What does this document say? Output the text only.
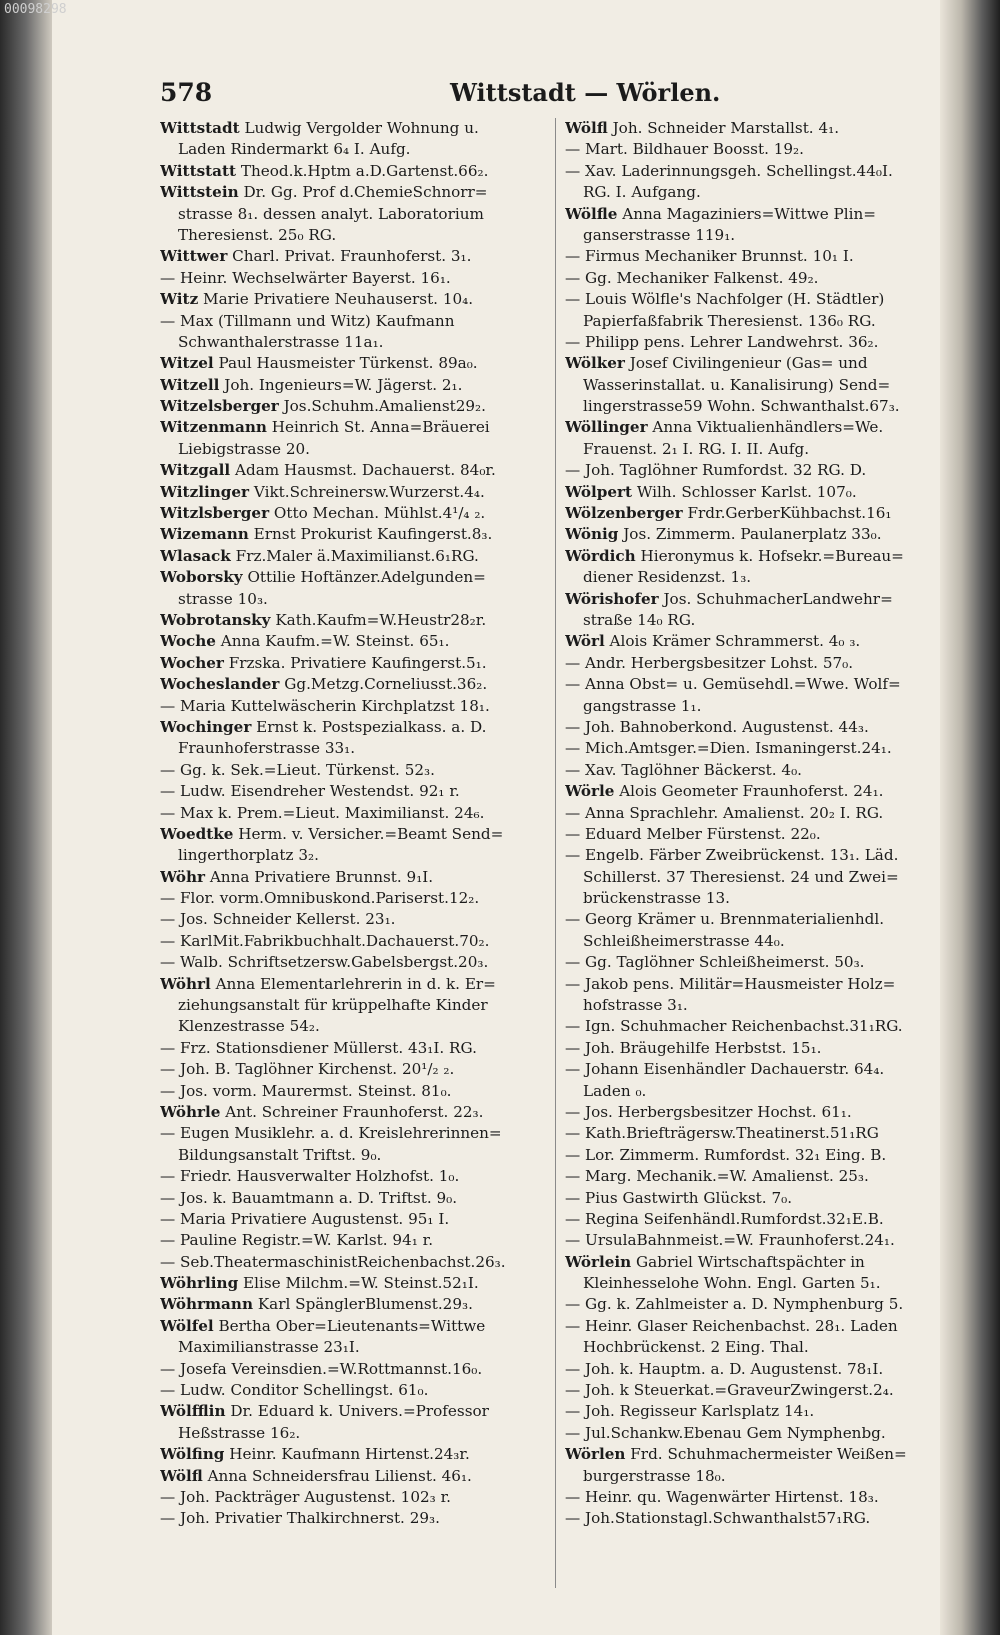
00098298
578	Wittstadt — Wörlen.
Wittstadt Ludwig Vergolder Wohnung u.
Laden Rindermarkt 6₄ I. Aufg.
Wittstatt Theod.k.Hptm a.D.Gartenst.66₂.
Wittstein Dr. Gg. Prof d.ChemieSchnorr=
strasse 8₁. dessen analyt. Laboratorium
Theresienst. 25₀ RG.
Wittwer Charl. Privat. Fraunhoferst. 3₁.
— Heinr. Wechselwärter Bayerst. 16₁.
Witz Marie Privatiere Neuhauserst. 10₄.
— Max (Tillmann und Witz) Kaufmann
Schwanthalerstrasse 11a₁.
Witzel Paul Hausmeister Türkenst. 89a₀.
Witzell Joh. Ingenieurs=W. Jägerst. 2₁.
Witzelsberger Jos.Schuhm.Amalienst29₂.
Witzenmann Heinrich St. Anna=Bräuerei
Liebigstrasse 20.
Witzgall Adam Hausmst. Dachauerst. 84₀r.
Witzlinger Vikt.Schreinersw.Wurzerst.4₄.
Witzlsberger Otto Mechan. Mühlst.4¹/₄ ₂.
Wizemann Ernst Prokurist Kaufingerst.8₃.
Wlasack Frz.Maler ä.Maximilianst.6₁RG.
Woborsky Ottilie Hoftänzer.Adelgunden=
strasse 10₃.
Wobrotansky Kath.Kaufm=W.Heustr28₂r.
Woche Anna Kaufm.=W. Steinst. 65₁.
Wocher Frzska. Privatiere Kaufingerst.5₁.
Wocheslander Gg.Metzg.Corneliusst.36₂.
— Maria Kuttelwäscherin Kirchplatzst 18₁.
Wochinger Ernst k. Postspezialkass. a. D.
Fraunhoferstrasse 33₁.
— Gg. k. Sek.=Lieut. Türkenst. 52₃.
— Ludw. Eisendreher Westendst. 92₁ r.
— Max k. Prem.=Lieut. Maximilianst. 24₆.
Woedtke Herm. v. Versicher.=Beamt Send=
lingerthorplatz 3₂.
Wöhr Anna Privatiere Brunnst. 9₁I.
— Flor. vorm.Omnibuskond.Pariserst.12₂.
— Jos. Schneider Kellerst. 23₁.
— KarlMit.Fabrikbuchhalt.Dachauerst.70₂.
— Walb. Schriftsetzersw.Gabelsbergst.20₃.
Wöhrl Anna Elementarlehrerin in d. k. Er=
ziehungsanstalt für krüppelhafte Kinder
Klenzestrasse 54₂.
— Frz. Stationsdiener Müllerst. 43₁I. RG.
— Joh. B. Taglöhner Kirchenst. 20¹/₂ ₂.
— Jos. vorm. Maurermst. Steinst. 81₀.
Wöhrle Ant. Schreiner Fraunhoferst. 22₃.
— Eugen Musiklehr. a. d. Kreislehrerinnen=
Bildungsanstalt Triftst. 9₀.
— Friedr. Hausverwalter Holzhofst. 1₀.
— Jos. k. Bauamtmann a. D. Triftst. 9₀.
— Maria Privatiere Augustenst. 95₁ I.
— Pauline Registr.=W. Karlst. 94₁ r.
— Seb.TheatermaschinistReichenbachst.26₃.
Wöhrling Elise Milchm.=W. Steinst.52₁I.
Wöhrmann Karl SpänglerBlumenst.29₃.
Wölfel Bertha Ober=Lieutenants=Wittwe
Maximilianstrasse 23₁I.
— Josefa Vereinsdien.=W.Rottmannst.16₀.
— Ludw. Conditor Schellingst. 61₀.
Wölfflin Dr. Eduard k. Univers.=Professor
Heßstrasse 16₂.
Wölfing Heinr. Kaufmann Hirtenst.24₃r.
Wölfl Anna Schneidersfrau Lilienst. 46₁.
— Joh. Packträger Augustenst. 102₃ r.
— Joh. Privatier Thalkirchnerst. 29₃.
Wölfl Joh. Schneider Marstallst. 4₁.
— Mart. Bildhauer Boosst. 19₂.
— Xav. Laderinnungsgeh. Schellingst.44₀I.
RG. I. Aufgang.
Wölfle Anna Magaziniers=Wittwe Plin=
ganserstrasse 119₁.
— Firmus Mechaniker Brunnst. 10₁ I.
— Gg. Mechaniker Falkenst. 49₂.
— Louis Wölfle's Nachfolger (H. Städtler)
Papierfaßfabrik Theresienst. 136₀ RG.
— Philipp pens. Lehrer Landwehrst. 36₂.
Wölker Josef Civilingenieur (Gas= und
Wasserinstallat. u. Kanalisirung) Send=
lingerstrasse59 Wohn. Schwanthalst.67₃.
Wöllinger Anna Viktualienhändlers=We.
Frauenst. 2₁ I. RG. I. II. Aufg.
— Joh. Taglöhner Rumfordst. 32 RG. D.
Wölpert Wilh. Schlosser Karlst. 107₀.
Wölzenberger Frdr.GerberKühbachst.16₁
Wönig Jos. Zimmerm. Paulanerplatz 33₀.
Wördich Hieronymus k. Hofsekr.=Bureau=
diener Residenzst. 1₃.
Wörishofer Jos. SchuhmacherLandwehr=
straße 14₀ RG.
Wörl Alois Krämer Schrammerst. 4₀ ₃.
— Andr. Herbergsbesitzer Lohst. 57₀.
— Anna Obst= u. Gemüsehdl.=Wwe. Wolf=
gangstrasse 1₁.
— Joh. Bahnoberkond. Augustenst. 44₃.
— Mich.Amtsger.=Dien. Ismaningerst.24₁.
— Xav. Taglöhner Bäckerst. 4₀.
Wörle Alois Geometer Fraunhoferst. 24₁.
— Anna Sprachlehr. Amalienst. 20₂ I. RG.
— Eduard Melber Fürstenst. 22₀.
— Engelb. Färber Zweibrückenst. 13₁. Läd.
Schillerst. 37 Theresienst. 24 und Zwei=
brückenstrasse 13.
— Georg Krämer u. Brennmaterialienhdl.
Schleißheimerstrasse 44₀.
— Gg. Taglöhner Schleißheimerst. 50₃.
— Jakob pens. Militär=Hausmeister Holz=
hofstrasse 3₁.
— Ign. Schuhmacher Reichenbachst.31₁RG.
— Joh. Bräugehilfe Herbstst. 15₁.
— Johann Eisenhändler Dachauerstr. 64₄.
Laden ₀.
— Jos. Herbergsbesitzer Hochst. 61₁.
— Kath.Briefträgersw.Theatinerst.51₁RG
— Lor. Zimmerm. Rumfordst. 32₁ Eing. B.
— Marg. Mechanik.=W. Amalienst. 25₃.
— Pius Gastwirth Glückst. 7₀.
— Regina Seifenhändl.Rumfordst.32₁E.B.
— UrsulaBahnmeist.=W. Fraunhoferst.24₁.
Wörlein Gabriel Wirtschaftspächter in
Kleinhesselohe Wohn. Engl. Garten 5₁.
— Gg. k. Zahlmeister a. D. Nymphenburg 5.
— Heinr. Glaser Reichenbachst. 28₁. Laden
Hochbrückenst. 2 Eing. Thal.
— Joh. k. Hauptm. a. D. Augustenst. 78₁I.
— Joh. k Steuerkat.=GraveurZwingerst.2₄.
— Joh. Regisseur Karlsplatz 14₁.
— Jul.Schankw.Ebenau Gem Nymphenbg.
Wörlen Frd. Schuhmachermeister Weißen=
burgerstrasse 18₀.
— Heinr. qu. Wagenwärter Hirtenst. 18₃.
— Joh.Stationstagl.Schwanthalst57₁RG.
